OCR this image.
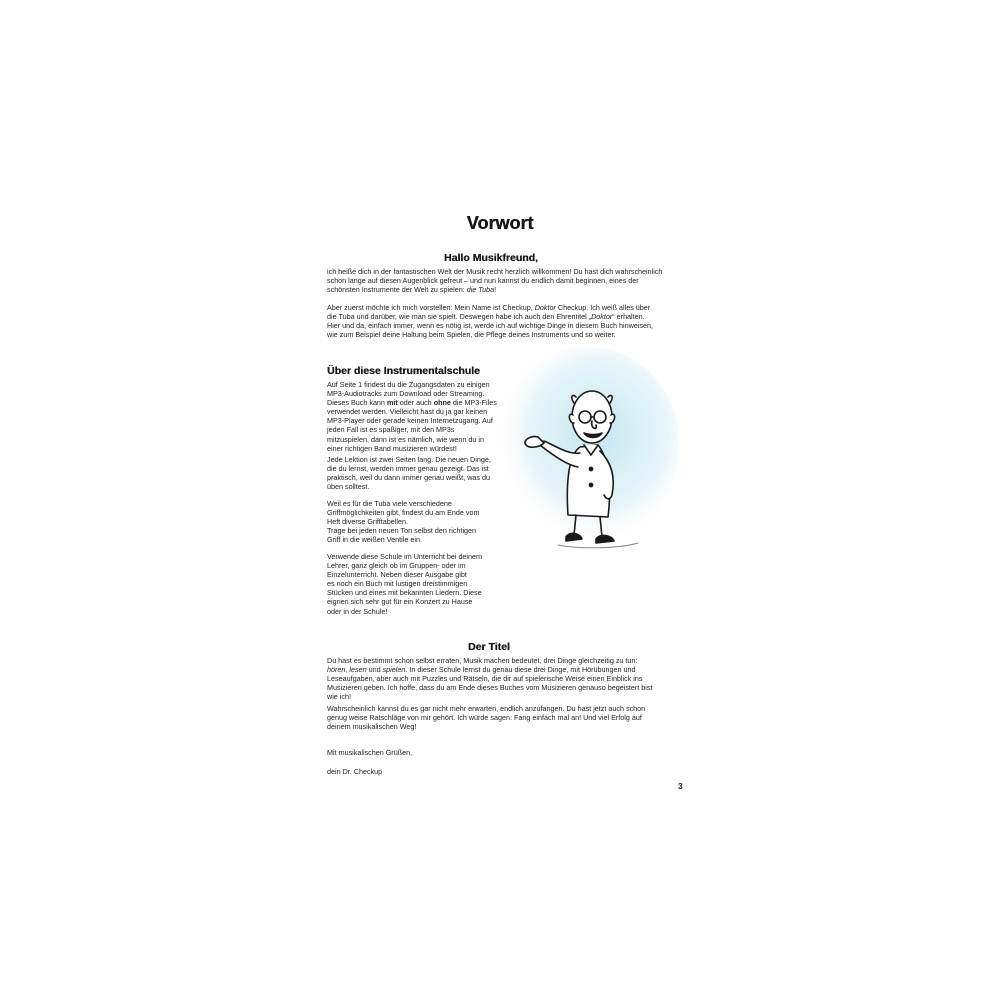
Vorwort
Hallo Musikfreund,
ich heiße dich in der fantastischen Welt der Musik recht herzlich willkommen! Du hast dich wahrscheinlich
schon lange auf diesen Augenblick gefreut – und nun kannst du endlich damit beginnen, eines der
schönsten Instrumente der Welt zu spielen: die Tuba!
Aber zuerst möchte ich mich vorstellen: Mein Name ist Checkup, Doktor Checkup. Ich weiß alles über
die Tuba und darüber, wie man sie spielt. Deswegen habe ich auch den Ehrentitel „Doktor“ erhalten.
Hier und da, einfach immer, wenn es nötig ist, werde ich auf wichtige Dinge in diesem Buch hinweisen,
wie zum Beispiel deine Haltung beim Spielen, die Pflege deines Instruments und so weiter.
Über diese Instrumentalschule
Auf Seite 1 findest du die Zugangsdaten zu einigen
MP3-Audiotracks zum Download oder Streaming.
Dieses Buch kann mit oder auch ohne die MP3-Files
verwendet werden. Vielleicht hast du ja gar keinen
MP3-Player oder gerade keinen Internetzugang. Auf
jeden Fall ist es spaßiger, mit den MP3s
mitzuspielen, dann ist es nämlich, wie wenn du in
einer richtigen Band musizieren würdest!
Jede Lektion ist zwei Seiten lang. Die neuen Dinge,
die du lernst, werden immer genau gezeigt. Das ist
praktisch, weil du dann immer genau weißt, was du
üben solltest.
Weil es für die Tuba viele verschiedene
Griffmöglichkeiten gibt, findest du am Ende vom
Heft diverse Grifftabellen.
Trage bei jeden neuen Ton selbst den richtigen
Griff in die weißen Ventile ein.
Verwende diese Schule im Unterricht bei deinem
Lehrer, ganz gleich ob im Gruppen- oder im
Einzelunterricht. Neben dieser Ausgabe gibt
es noch ein Buch mit lustigen dreistimmigen
Stücken und eines mit bekannten Liedern. Diese
eignen sich sehr gut für ein Konzert zu Hause
oder in der Schule!
Der Titel
Du hast es bestimmt schon selbst erraten, Musik machen bedeutet, drei Dinge gleichzeitig zu tun:
hören, lesen und spielen. In dieser Schule lernst du genau diese drei Dinge, mit Hörübungen und
Leseaufgaben, aber auch mit Puzzles und Rätseln, die dir auf spielerische Weise einen Einblick ins
Musizieren geben. Ich hoffe, dass du am Ende dieses Buches vom Musizieren genauso begeistert bist
wie ich!
Wahrscheinlich kannst du es gar nicht mehr erwarten, endlich anzufangen. Du hast jetzt auch schon
genug weise Ratschläge von mir gehört. Ich würde sagen: Fang einfach mal an! Und viel Erfolg auf
deinem musikalischen Weg!
Mit musikalischen Grüßen,
dein Dr. Checkup
3
